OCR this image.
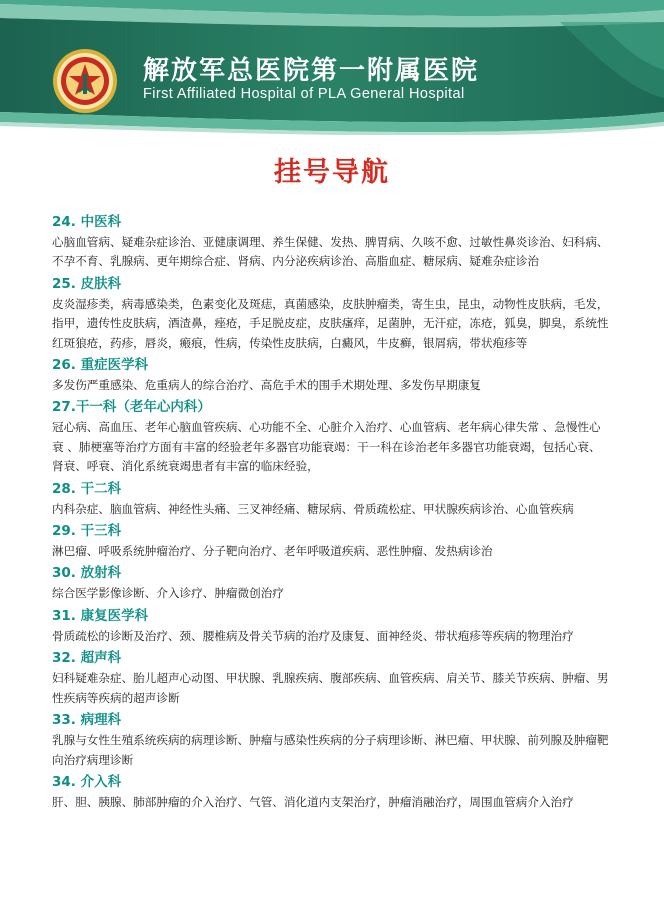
解放军总医院第一附属医院
First Affiliated Hospital of PLA General Hospital
挂号导航
24. 中医科
心脑血管病、疑难杂症诊治、亚健康调理、养生保健、发热、脾胃病、久咳不愈、过敏性鼻炎诊治、妇科病、不孕不育、乳腺病、更年期综合症、肾病、内分泌疾病诊治、高脂血症、糖尿病、疑难杂症诊治
25. 皮肤科
皮炎湿疹类，病毒感染类，色素变化及斑痣，真菌感染，皮肤肿瘤类，寄生虫，昆虫，动物性皮肤病，毛发，指甲，遗传性皮肤病，酒渣鼻，痤疮，手足脱皮症，皮肤瘙痒，足菌肿，无汗症，冻疮，狐臭，脚臭，系统性红斑狼疮，药疹，唇炎，瘢痕，性病，传染性皮肤病，白癜风，牛皮癣，银屑病，带状疱疹等
26. 重症医学科
多发伤严重感染、危重病人的综合治疗、高危手术的围手术期处理、多发伤早期康复
27.干一科（老年心内科）
冠心病、高血压、老年心脑血管疾病、心功能不全、心脏介入治疗、心血管病、老年病心律失常 、急慢性心衰 、肺梗塞等治疗方面有丰富的经验老年多器官功能衰竭：干一科在诊治老年多器官功能衰竭，包括心衰、肾衰、呼衰、消化系统衰竭患者有丰富的临床经验，
28. 干二科
内科杂症、脑血管病、神经性头痛、三叉神经痛、糖尿病、骨质疏松症、甲状腺疾病诊治、心血管疾病
29. 干三科
淋巴瘤、呼吸系统肿瘤治疗、分子靶向治疗、老年呼吸道疾病、恶性肿瘤、发热病诊治
30. 放射科
综合医学影像诊断、介入诊疗、肿瘤微创治疗
31. 康复医学科
骨质疏松的诊断及治疗、颈、腰椎病及骨关节病的治疗及康复、面神经炎、带状疱疹等疾病的物理治疗
32. 超声科
妇科疑难杂症、胎儿超声心动图、甲状腺、乳腺疾病、腹部疾病、血管疾病、肩关节、膝关节疾病、肿瘤、男性疾病等疾病的超声诊断
33. 病理科
乳腺与女性生殖系统疾病的病理诊断、肿瘤与感染性疾病的分子病理诊断、淋巴瘤、甲状腺、前列腺及肿瘤靶向治疗病理诊断
34. 介入科
肝、胆、胰腺、肺部肿瘤的介入治疗、气管、消化道内支架治疗，肿瘤消融治疗，周围血管病介入治疗
